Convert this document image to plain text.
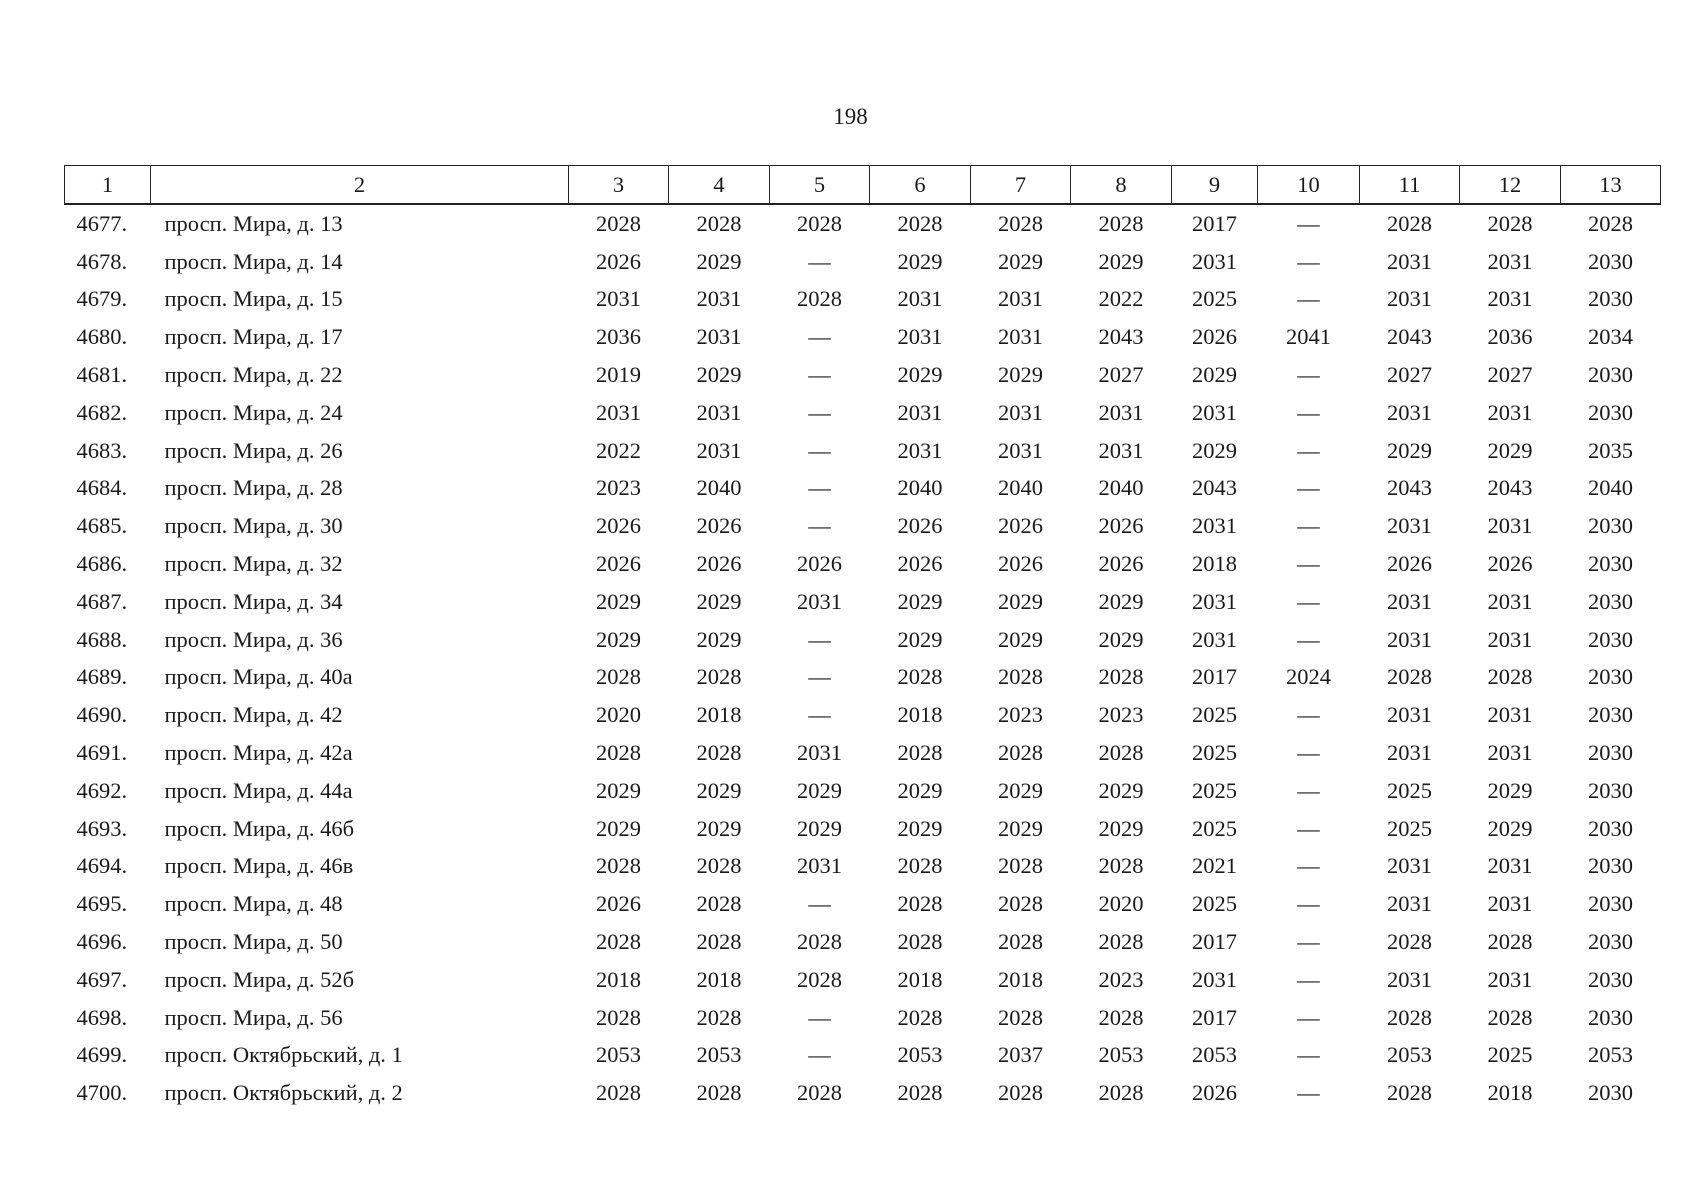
198
1	2	3	4	5	6	7	8	9	10	11	12	13
4677.	просп. Мира, д. 13	2028	2028	2028	2028	2028	2028	2017	—	2028	2028	2028
4678.	просп. Мира, д. 14	2026	2029	—	2029	2029	2029	2031	—	2031	2031	2030
4679.	просп. Мира, д. 15	2031	2031	2028	2031	2031	2022	2025	—	2031	2031	2030
4680.	просп. Мира, д. 17	2036	2031	—	2031	2031	2043	2026	2041	2043	2036	2034
4681.	просп. Мира, д. 22	2019	2029	—	2029	2029	2027	2029	—	2027	2027	2030
4682.	просп. Мира, д. 24	2031	2031	—	2031	2031	2031	2031	—	2031	2031	2030
4683.	просп. Мира, д. 26	2022	2031	—	2031	2031	2031	2029	—	2029	2029	2035
4684.	просп. Мира, д. 28	2023	2040	—	2040	2040	2040	2043	—	2043	2043	2040
4685.	просп. Мира, д. 30	2026	2026	—	2026	2026	2026	2031	—	2031	2031	2030
4686.	просп. Мира, д. 32	2026	2026	2026	2026	2026	2026	2018	—	2026	2026	2030
4687.	просп. Мира, д. 34	2029	2029	2031	2029	2029	2029	2031	—	2031	2031	2030
4688.	просп. Мира, д. 36	2029	2029	—	2029	2029	2029	2031	—	2031	2031	2030
4689.	просп. Мира, д. 40а	2028	2028	—	2028	2028	2028	2017	2024	2028	2028	2030
4690.	просп. Мира, д. 42	2020	2018	—	2018	2023	2023	2025	—	2031	2031	2030
4691.	просп. Мира, д. 42а	2028	2028	2031	2028	2028	2028	2025	—	2031	2031	2030
4692.	просп. Мира, д. 44а	2029	2029	2029	2029	2029	2029	2025	—	2025	2029	2030
4693.	просп. Мира, д. 46б	2029	2029	2029	2029	2029	2029	2025	—	2025	2029	2030
4694.	просп. Мира, д. 46в	2028	2028	2031	2028	2028	2028	2021	—	2031	2031	2030
4695.	просп. Мира, д. 48	2026	2028	—	2028	2028	2020	2025	—	2031	2031	2030
4696.	просп. Мира, д. 50	2028	2028	2028	2028	2028	2028	2017	—	2028	2028	2030
4697.	просп. Мира, д. 52б	2018	2018	2028	2018	2018	2023	2031	—	2031	2031	2030
4698.	просп. Мира, д. 56	2028	2028	—	2028	2028	2028	2017	—	2028	2028	2030
4699.	просп. Октябрьский, д. 1	2053	2053	—	2053	2037	2053	2053	—	2053	2025	2053
4700.	просп. Октябрьский, д. 2	2028	2028	2028	2028	2028	2028	2026	—	2028	2018	2030
